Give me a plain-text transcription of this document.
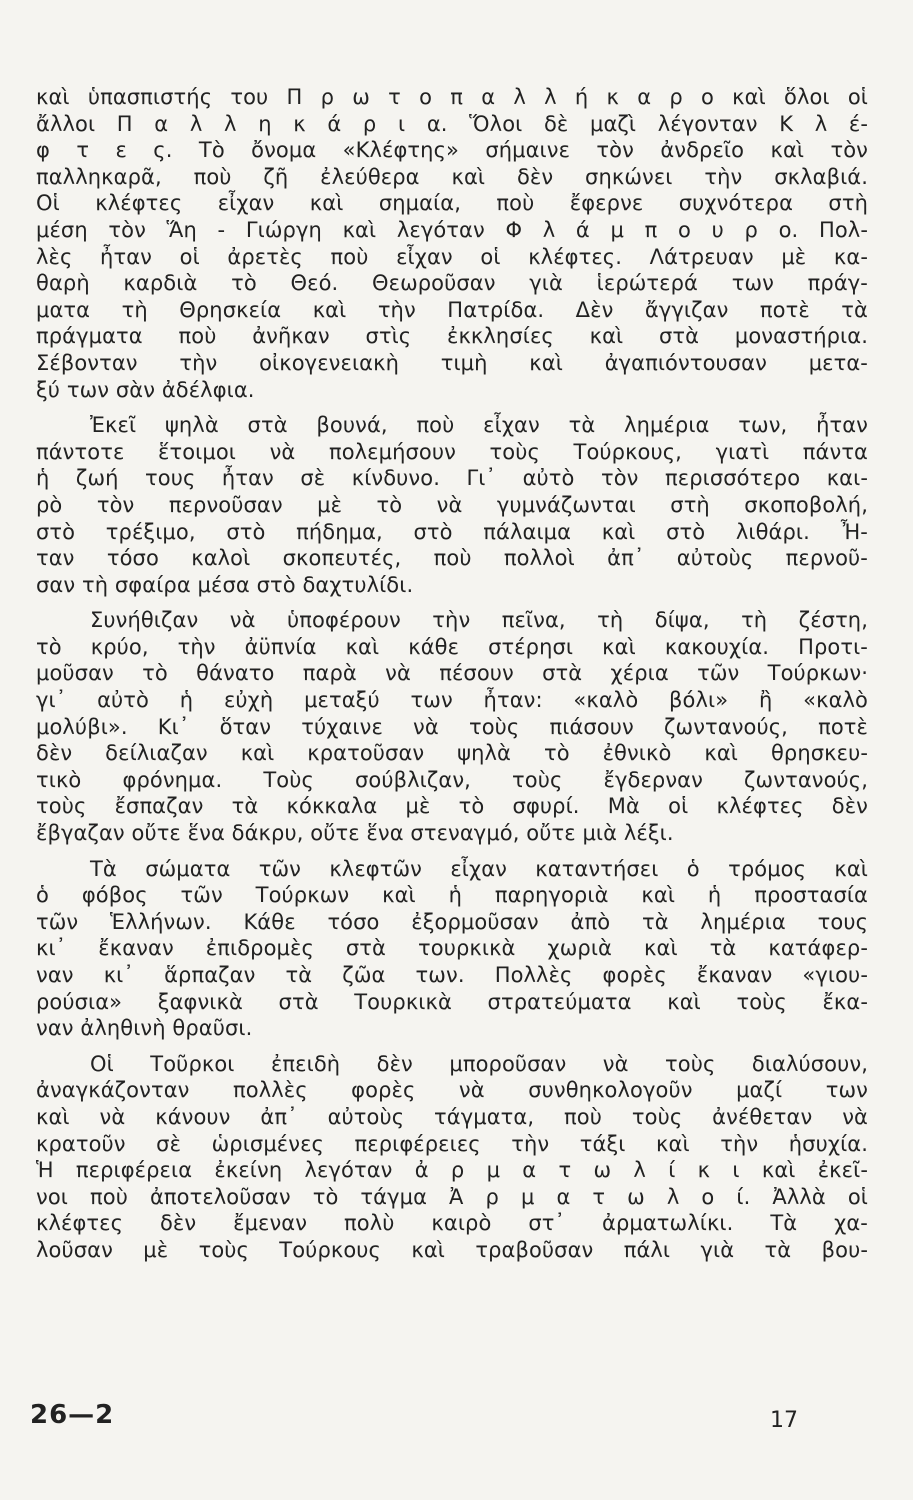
καὶ ὑπασπιστής του Π ρ ω τ ο π α λ λ ή κ α ρ ο καὶ ὅλοι οἱ
ἄλλοι Π α λ λ η κ ά ρ ι α. Ὅλοι δὲ μαζὶ λέγονταν Κ λ έ-
φ τ ε ς. Τὸ ὄνομα «Κλέφτης» σήμαινε τὸν ἀνδρεῖο καὶ τὸν
παλληκαρᾶ, ποὺ ζῆ ἐλεύθερα καὶ δὲν σηκώνει τὴν σκλαβιά.
Οἱ κλέφτες εἶχαν καὶ σημαία, ποὺ ἔφερνε συχνότερα στὴ
μέση τὸν Ἅη - Γιώργη καὶ λεγόταν Φ λ ά μ π ο υ ρ ο. Πολ-
λὲς ἦταν οἱ ἀρετὲς ποὺ εἶχαν οἱ κλέφτες. Λάτρευαν μὲ κα-
θαρὴ καρδιὰ τὸ Θεό. Θεωροῦσαν γιὰ ἱερώτερά των πράγ-
ματα τὴ Θρησκεία καὶ τὴν Πατρίδα. Δὲν ἄγγιζαν ποτὲ τὰ
πράγματα ποὺ ἀνῆκαν στὶς ἐκκλησίες καὶ στὰ μοναστήρια.
Σέβονταν τὴν οἰκογενειακὴ τιμὴ καὶ ἀγαπιόντουσαν μετα-
ξύ των σὰν ἀδέλφια.
Ἐκεῖ ψηλὰ στὰ βουνά, ποὺ εἶχαν τὰ λημέρια των, ἦταν
πάντοτε ἕτοιμοι νὰ πολεμήσουν τοὺς Τούρκους, γιατὶ πάντα
ἡ ζωή τους ἦταν σὲ κίνδυνο. Γι᾽ αὐτὸ τὸν περισσότερο και-
ρὸ τὸν περνοῦσαν μὲ τὸ νὰ γυμνάζωνται στὴ σκοποβολή,
στὸ τρέξιμο, στὸ πήδημα, στὸ πάλαιμα καὶ στὸ λιθάρι. Ἦ-
ταν τόσο καλοὶ σκοπευτές, ποὺ πολλοὶ ἀπ᾽ αὐτοὺς περνοῦ-
σαν τὴ σφαίρα μέσα στὸ δαχτυλίδι.
Συνήθιζαν νὰ ὑποφέρουν τὴν πεῖνα, τὴ δίψα, τὴ ζέστη,
τὸ κρύο, τὴν ἀϋπνία καὶ κάθε στέρησι καὶ κακουχία. Προτι-
μοῦσαν τὸ θάνατο παρὰ νὰ πέσουν στὰ χέρια τῶν Τούρκων·
γι᾽ αὐτὸ ἡ εὐχὴ μεταξύ των ἦταν: «καλὸ βόλι» ἢ «καλὸ
μολύβι». Κι᾽ ὅταν τύχαινε νὰ τοὺς πιάσουν ζωντανούς, ποτὲ
δὲν δείλιαζαν καὶ κρατοῦσαν ψηλὰ τὸ ἐθνικὸ καὶ θρησκευ-
τικὸ φρόνημα. Τοὺς σούβλιζαν, τοὺς ἔγδερναν ζωντανούς,
τοὺς ἔσπαζαν τὰ κόκκαλα μὲ τὸ σφυρί. Μὰ οἱ κλέφτες δὲν
ἔβγαζαν οὔτε ἕνα δάκρυ, οὔτε ἕνα στεναγμό, οὔτε μιὰ λέξι.
Τὰ σώματα τῶν κλεφτῶν εἶχαν καταντήσει ὁ τρόμος καὶ
ὁ φόβος τῶν Τούρκων καὶ ἡ παρηγοριὰ καὶ ἡ προστασία
τῶν Ἑλλήνων. Κάθε τόσο ἐξορμοῦσαν ἀπὸ τὰ λημέρια τους
κι᾽ ἔκαναν ἐπιδρομὲς στὰ τουρκικὰ χωριὰ καὶ τὰ κατάφερ-
ναν κι᾽ ἅρπαζαν τὰ ζῶα των. Πολλὲς φορὲς ἔκαναν «γιου-
ρούσια» ξαφνικὰ στὰ Τουρκικὰ στρατεύματα καὶ τοὺς ἔκα-
ναν ἀληθινὴ θραῦσι.
Οἱ Τοῦρκοι ἐπειδὴ δὲν μποροῦσαν νὰ τοὺς διαλύσουν,
ἀναγκάζονταν πολλὲς φορὲς νὰ συνθηκολογοῦν μαζί των
καὶ νὰ κάνουν ἀπ᾽ αὐτοὺς τάγματα, ποὺ τοὺς ἀνέθεταν νὰ
κρατοῦν σὲ ὡρισμένες περιφέρειες τὴν τάξι καὶ τὴν ἡσυχία.
Ἡ περιφέρεια ἐκείνη λεγόταν ἀ ρ μ α τ ω λ ί κ ι καὶ ἐκεῖ-
νοι ποὺ ἀποτελοῦσαν τὸ τάγμα Ἀ ρ μ α τ ω λ ο ί. Ἀλλὰ οἱ
κλέφτες δὲν ἔμεναν πολὺ καιρὸ στ᾽ ἀρματωλίκι. Τὰ χα-
λοῦσαν μὲ τοὺς Τούρκους καὶ τραβοῦσαν πάλι γιὰ τὰ βου-
26—2	17
